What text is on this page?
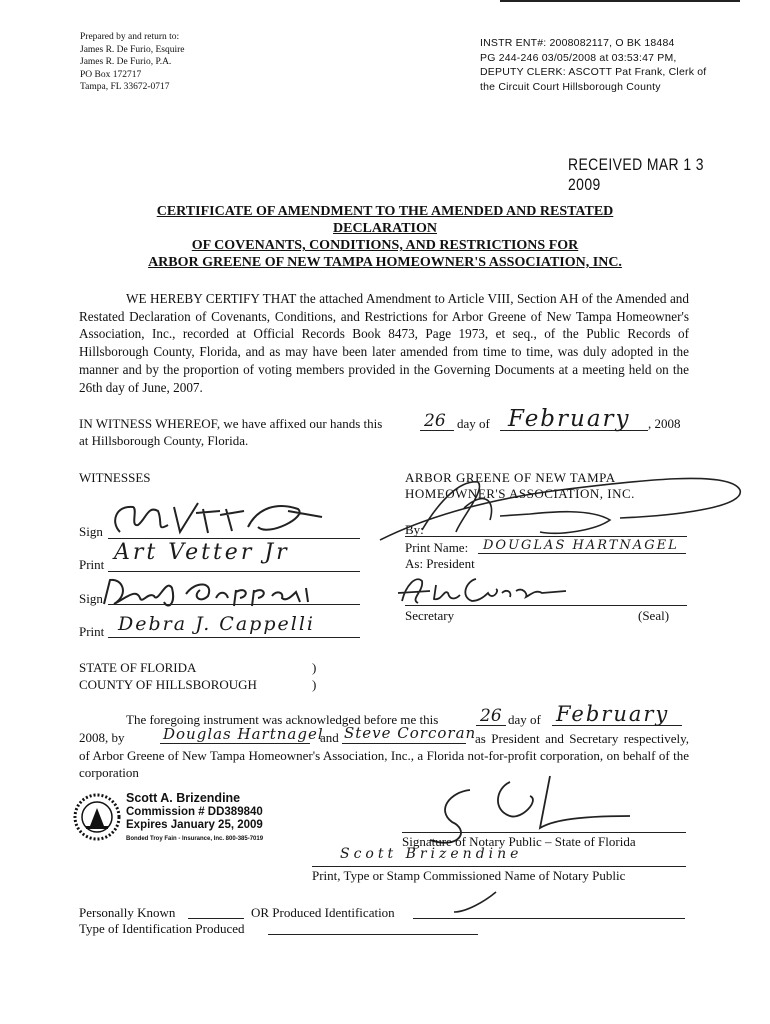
Prepared by and return to:
James R. De Furio, Esquire
James R. De Furio, P.A.
PO Box 172717
Tampa, FL 33672-0717
INSTR ENT#: 2008082117, O BK 18484
PG 244-246 03/05/2008 at 03:53:47 PM,
DEPUTY CLERK: ASCOTT Pat Frank, Clerk of
the Circuit Court Hillsborough County
RECEIVED MAR 1 3 2009
CERTIFICATE OF AMENDMENT TO THE AMENDED AND RESTATED
DECLARATION
OF COVENANTS, CONDITIONS, AND RESTRICTIONS FOR
ARBOR GREENE OF NEW TAMPA HOMEOWNER'S ASSOCIATION, INC.
WE HEREBY CERTIFY THAT the attached Amendment to Article VIII, Section AH of the Amended and Restated Declaration of Covenants, Conditions, and Restrictions for Arbor Greene of New Tampa Homeowner's Association, Inc., recorded at Official Records Book 8473, Page 1973, et seq., of the Public Records of Hillsborough County, Florida, and as may have been later amended from time to time, was duly adopted in the manner and by the proportion of voting members provided in the Governing Documents at a meeting held on the 26th day of June, 2007.
IN WITNESS WHEREOF, we have affixed our hands this 26 day of February , 2008
at Hillsborough County, Florida.
WITNESSES
Sign
Print Art Vetter Jr
Sign
Print Debra J. Cappelli
ARBOR GREENE OF NEW TAMPA
HOMEOWNER'S ASSOCIATION, INC.
By:
Print Name: DOUGLAS HARTNAGEL
As: President
Secretary	(Seal)
STATE OF FLORIDA	)
COUNTY OF HILLSBOROUGH	)
The foregoing instrument was acknowledged before me this 26 day of February
2008, by	Douglas Hartnagel
and Steve Corcoran
as President and Secretary respectively, of Arbor Greene of New Tampa Homeowner's Association, Inc., a Florida not-for-profit corporation, on behalf of the corporation
Scott A. Brizendine
Commission # DD389840
Expires January 25, 2009
Bonded Troy Fain - Insurance, Inc. 800-385-7019	Signature of Notary Public – State of Florida
Scott Brizendine
Print, Type or Stamp Commissioned Name of Notary Public
Personally Known	OR Produced Identification
Type of Identification Produced
